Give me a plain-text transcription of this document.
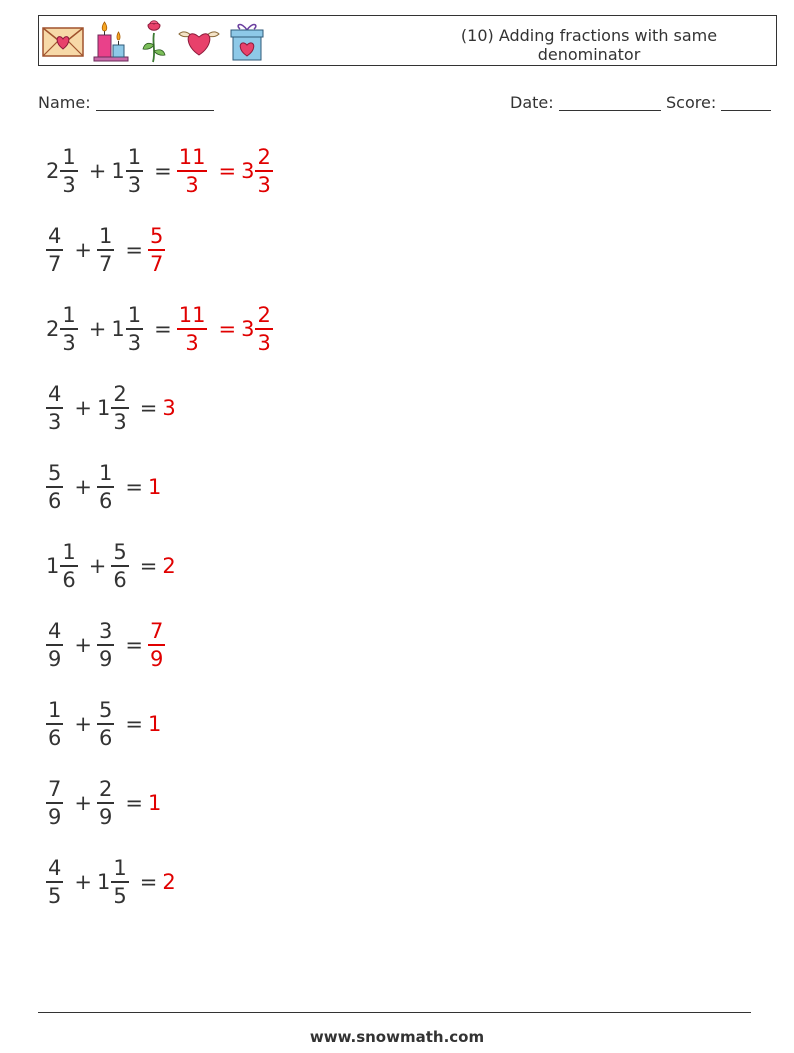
(10) Adding fractions with same denominator
Name:	Date:	Score:
$2 \frac{1}{3} + 1 \frac{1}{3} = \frac{11}{3} = 3 \frac{2}{3}$
$\frac{4}{7} + \frac{1}{7} = \frac{5}{7}$
$2 \frac{1}{3} + 1 \frac{1}{3} = \frac{11}{3} = 3 \frac{2}{3}$
$\frac{4}{3} + 1 \frac{2}{3} = 3$
$\frac{5}{6} + \frac{1}{6} = 1$
$1 \frac{1}{6} + \frac{5}{6} = 2$
$\frac{4}{9} + \frac{3}{9} = \frac{7}{9}$
$\frac{1}{6} + \frac{5}{6} = 1$
$\frac{7}{9} + \frac{2}{9} = 1$
$\frac{4}{5} + 1 \frac{1}{5} = 2$
www.snowmath.com
